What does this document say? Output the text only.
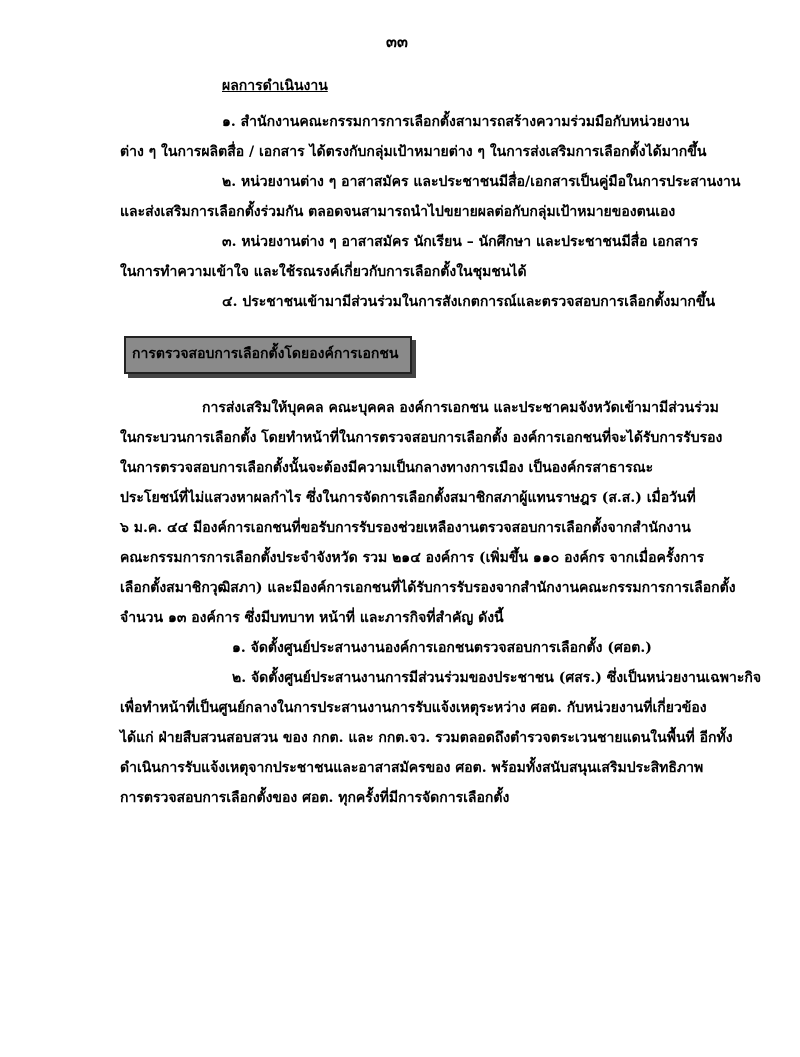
๓๓
ผลการดำเนินงาน
๑. สำนักงานคณะกรรมการการเลือกตั้งสามารถสร้างความร่วมมือกับหน่วยงาน
ต่าง ๆ ในการผลิตสื่อ / เอกสาร ได้ตรงกับกลุ่มเป้าหมายต่าง ๆ ในการส่งเสริมการเลือกตั้งได้มากขึ้น
๒. หน่วยงานต่าง ๆ อาสาสมัคร และประชาชนมีสื่อ/เอกสารเป็นคู่มือในการประสานงาน
และส่งเสริมการเลือกตั้งร่วมกัน ตลอดจนสามารถนำไปขยายผลต่อกับกลุ่มเป้าหมายของตนเอง
๓. หน่วยงานต่าง ๆ อาสาสมัคร นักเรียน – นักศึกษา และประชาชนมีสื่อ เอกสาร
ในการทำความเข้าใจ และใช้รณรงค์เกี่ยวกับการเลือกตั้งในชุมชนได้
๔. ประชาชนเข้ามามีส่วนร่วมในการสังเกตการณ์และตรวจสอบการเลือกตั้งมากขึ้น
การตรวจสอบการเลือกตั้งโดยองค์การเอกชน
การส่งเสริมให้บุคคล คณะบุคคล องค์การเอกชน และประชาคมจังหวัดเข้ามามีส่วนร่วม
ในกระบวนการเลือกตั้ง โดยทำหน้าที่ในการตรวจสอบการเลือกตั้ง องค์การเอกชนที่จะได้รับการรับรอง
ในการตรวจสอบการเลือกตั้งนั้นจะต้องมีความเป็นกลางทางการเมือง เป็นองค์กรสาธารณะ
ประโยชน์ที่ไม่แสวงหาผลกำไร ซึ่งในการจัดการเลือกตั้งสมาชิกสภาผู้แทนราษฎร (ส.ส.) เมื่อวันที่
๖ ม.ค. ๔๔ มีองค์การเอกชนที่ขอรับการรับรองช่วยเหลืองานตรวจสอบการเลือกตั้งจากสำนักงาน
คณะกรรมการการเลือกตั้งประจำจังหวัด รวม ๒๑๔ องค์การ (เพิ่มขึ้น ๑๑๐ องค์กร จากเมื่อครั้งการ
เลือกตั้งสมาชิกวุฒิสภา) และมีองค์การเอกชนที่ได้รับการรับรองจากสำนักงานคณะกรรมการการเลือกตั้ง
จำนวน ๑๓ องค์การ ซึ่งมีบทบาท หน้าที่ และภารกิจที่สำคัญ ดังนี้
๑. จัดตั้งศูนย์ประสานงานองค์การเอกชนตรวจสอบการเลือกตั้ง (ศอต.)
๒. จัดตั้งศูนย์ประสานงานการมีส่วนร่วมของประชาชน (ศสร.) ซึ่งเป็นหน่วยงานเฉพาะกิจ
เพื่อทำหน้าที่เป็นศูนย์กลางในการประสานงานการรับแจ้งเหตุระหว่าง ศอต. กับหน่วยงานที่เกี่ยวข้อง
ได้แก่ ฝ่ายสืบสวนสอบสวน ของ กกต. และ กกต.จว. รวมตลอดถึงตำรวจตระเวนชายแดนในพื้นที่ อีกทั้ง
ดำเนินการรับแจ้งเหตุจากประชาชนและอาสาสมัครของ ศอต. พร้อมทั้งสนับสนุนเสริมประสิทธิภาพ
การตรวจสอบการเลือกตั้งของ ศอต. ทุกครั้งที่มีการจัดการเลือกตั้ง
